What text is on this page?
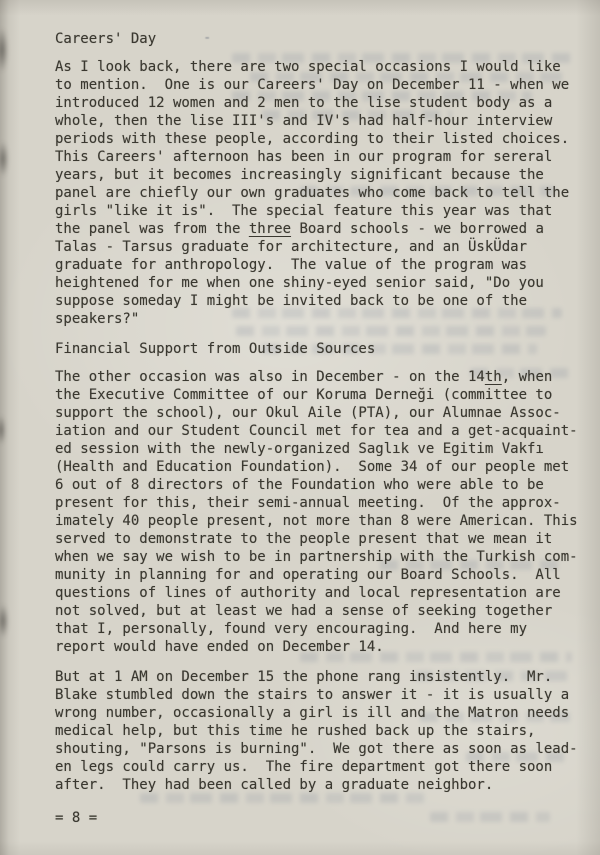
-
Careers' Day
As I look back, there are two special occasions I would like
to mention.  One is our Careers' Day on December 11 - when we
introduced 12 women and 2 men to the lise student body as a
whole, then the lise III's and IV's had half-hour interview
periods with these people, according to their listed choices.
This Careers' afternoon has been in our program for sereral
years, but it becomes increasingly significant because the
panel are chiefly our own graduates who come back to tell the
girls "like it is".  The special feature this year was that
the panel was from the three Board schools - we borrowed a
Talas - Tarsus graduate for architecture, and an ÜskÜdar
graduate for anthropology.  The value of the program was
heightened for me when one shiny-eyed senior said, "Do you
suppose someday I might be invited back to be one of the
speakers?"
Financial Support from Outside Sources
The other occasion was also in December - on the 14th, when
the Executive Committee of our Koruma Derneği (committee to
support the school), our Okul Aile (PTA), our Alumnae Assoc-
iation and our Student Council met for tea and a get-acquaint-
ed session with the newly-organized Saglık ve Egitim Vakfı
(Health and Education Foundation).  Some 34 of our people met
6 out of 8 directors of the Foundation who were able to be
present for this, their semi-annual meeting.  Of the approx-
imately 40 people present, not more than 8 were American. This
served to demonstrate to the people present that we mean it
when we say we wish to be in partnership with the Turkish com-
munity in planning for and operating our Board Schools.  All
questions of lines of authority and local representation are
not solved, but at least we had a sense of seeking together
that I, personally, found very encouraging.  And here my
report would have ended on December 14.
But at 1 AM on December 15 the phone rang insistently.  Mr.
Blake stumbled down the stairs to answer it - it is usually a
wrong number, occasionally a girl is ill and the Matron needs
medical help, but this time he rushed back up the stairs,
shouting, "Parsons is burning".  We got there as soon as lead-
en legs could carry us.  The fire department got there soon
after.  They had been called by a graduate neighbor.
= 8 =
